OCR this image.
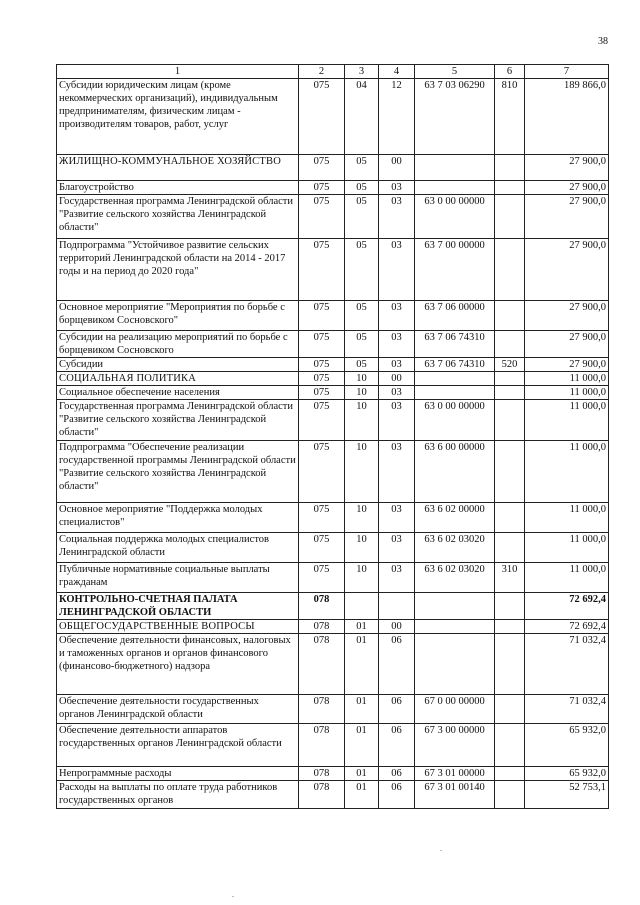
38
1	2	3	4	5	6	7
Субсидии юридическим лицам (кроме некоммерческих организаций), индивидуальным предпринимателям, физическим лицам - производителям товаров, работ, услуг	075	04	12	63 7 03 06290	810	189 866,0
ЖИЛИЩНО-КОММУНАЛЬНОЕ ХОЗЯЙСТВО	075	05	00			27 900,0
Благоустройство	075	05	03			27 900,0
Государственная программа Ленинградской области "Развитие сельского хозяйства Ленинградской области"	075	05	03	63 0 00 00000		27 900,0
Подпрограмма "Устойчивое развитие сельских территорий Ленинградской области на 2014 - 2017 годы и на период до 2020 года"	075	05	03	63 7 00 00000		27 900,0
Основное мероприятие "Мероприятия по борьбе с борщевиком Сосновского"	075	05	03	63 7 06 00000		27 900,0
Субсидии на реализацию мероприятий по борьбе с борщевиком Сосновского	075	05	03	63 7 06 74310		27 900,0
Субсидии	075	05	03	63 7 06 74310	520	27 900,0
СОЦИАЛЬНАЯ ПОЛИТИКА	075	10	00			11 000,0
Социальное обеспечение населения	075	10	03			11 000,0
Государственная программа Ленинградской области "Развитие сельского хозяйства Ленинградской области"	075	10	03	63 0 00 00000		11 000,0
Подпрограмма "Обеспечение реализации государственной программы Ленинградской области "Развитие сельского хозяйства Ленинградской области"	075	10	03	63 6 00 00000		11 000,0
Основное мероприятие "Поддержка молодых специалистов"	075	10	03	63 6 02 00000		11 000,0
Социальная поддержка молодых специалистов Ленинградской области	075	10	03	63 6 02 03020		11 000,0
Публичные нормативные социальные выплаты гражданам	075	10	03	63 6 02 03020	310	11 000,0
КОНТРОЛЬНО-СЧЕТНАЯ ПАЛАТА ЛЕНИНГРАДСКОЙ ОБЛАСТИ	078					72 692,4
ОБЩЕГОСУДАРСТВЕННЫЕ ВОПРОСЫ	078	01	00			72 692,4
Обеспечение деятельности финансовых, налоговых и таможенных органов и органов финансового (финансово-бюджетного) надзора	078	01	06			71 032,4
Обеспечение деятельности государственных органов Ленинградской области	078	01	06	67 0 00 00000		71 032,4
Обеспечение деятельности аппаратов государственных органов Ленинградской области	078	01	06	67 3 00 00000		65 932,0
Непрограммные расходы	078	01	06	67 3 01 00000		65 932,0
Расходы на выплаты по оплате труда работников государственных органов	078	01	06	67 3 01 00140		52 753,1
